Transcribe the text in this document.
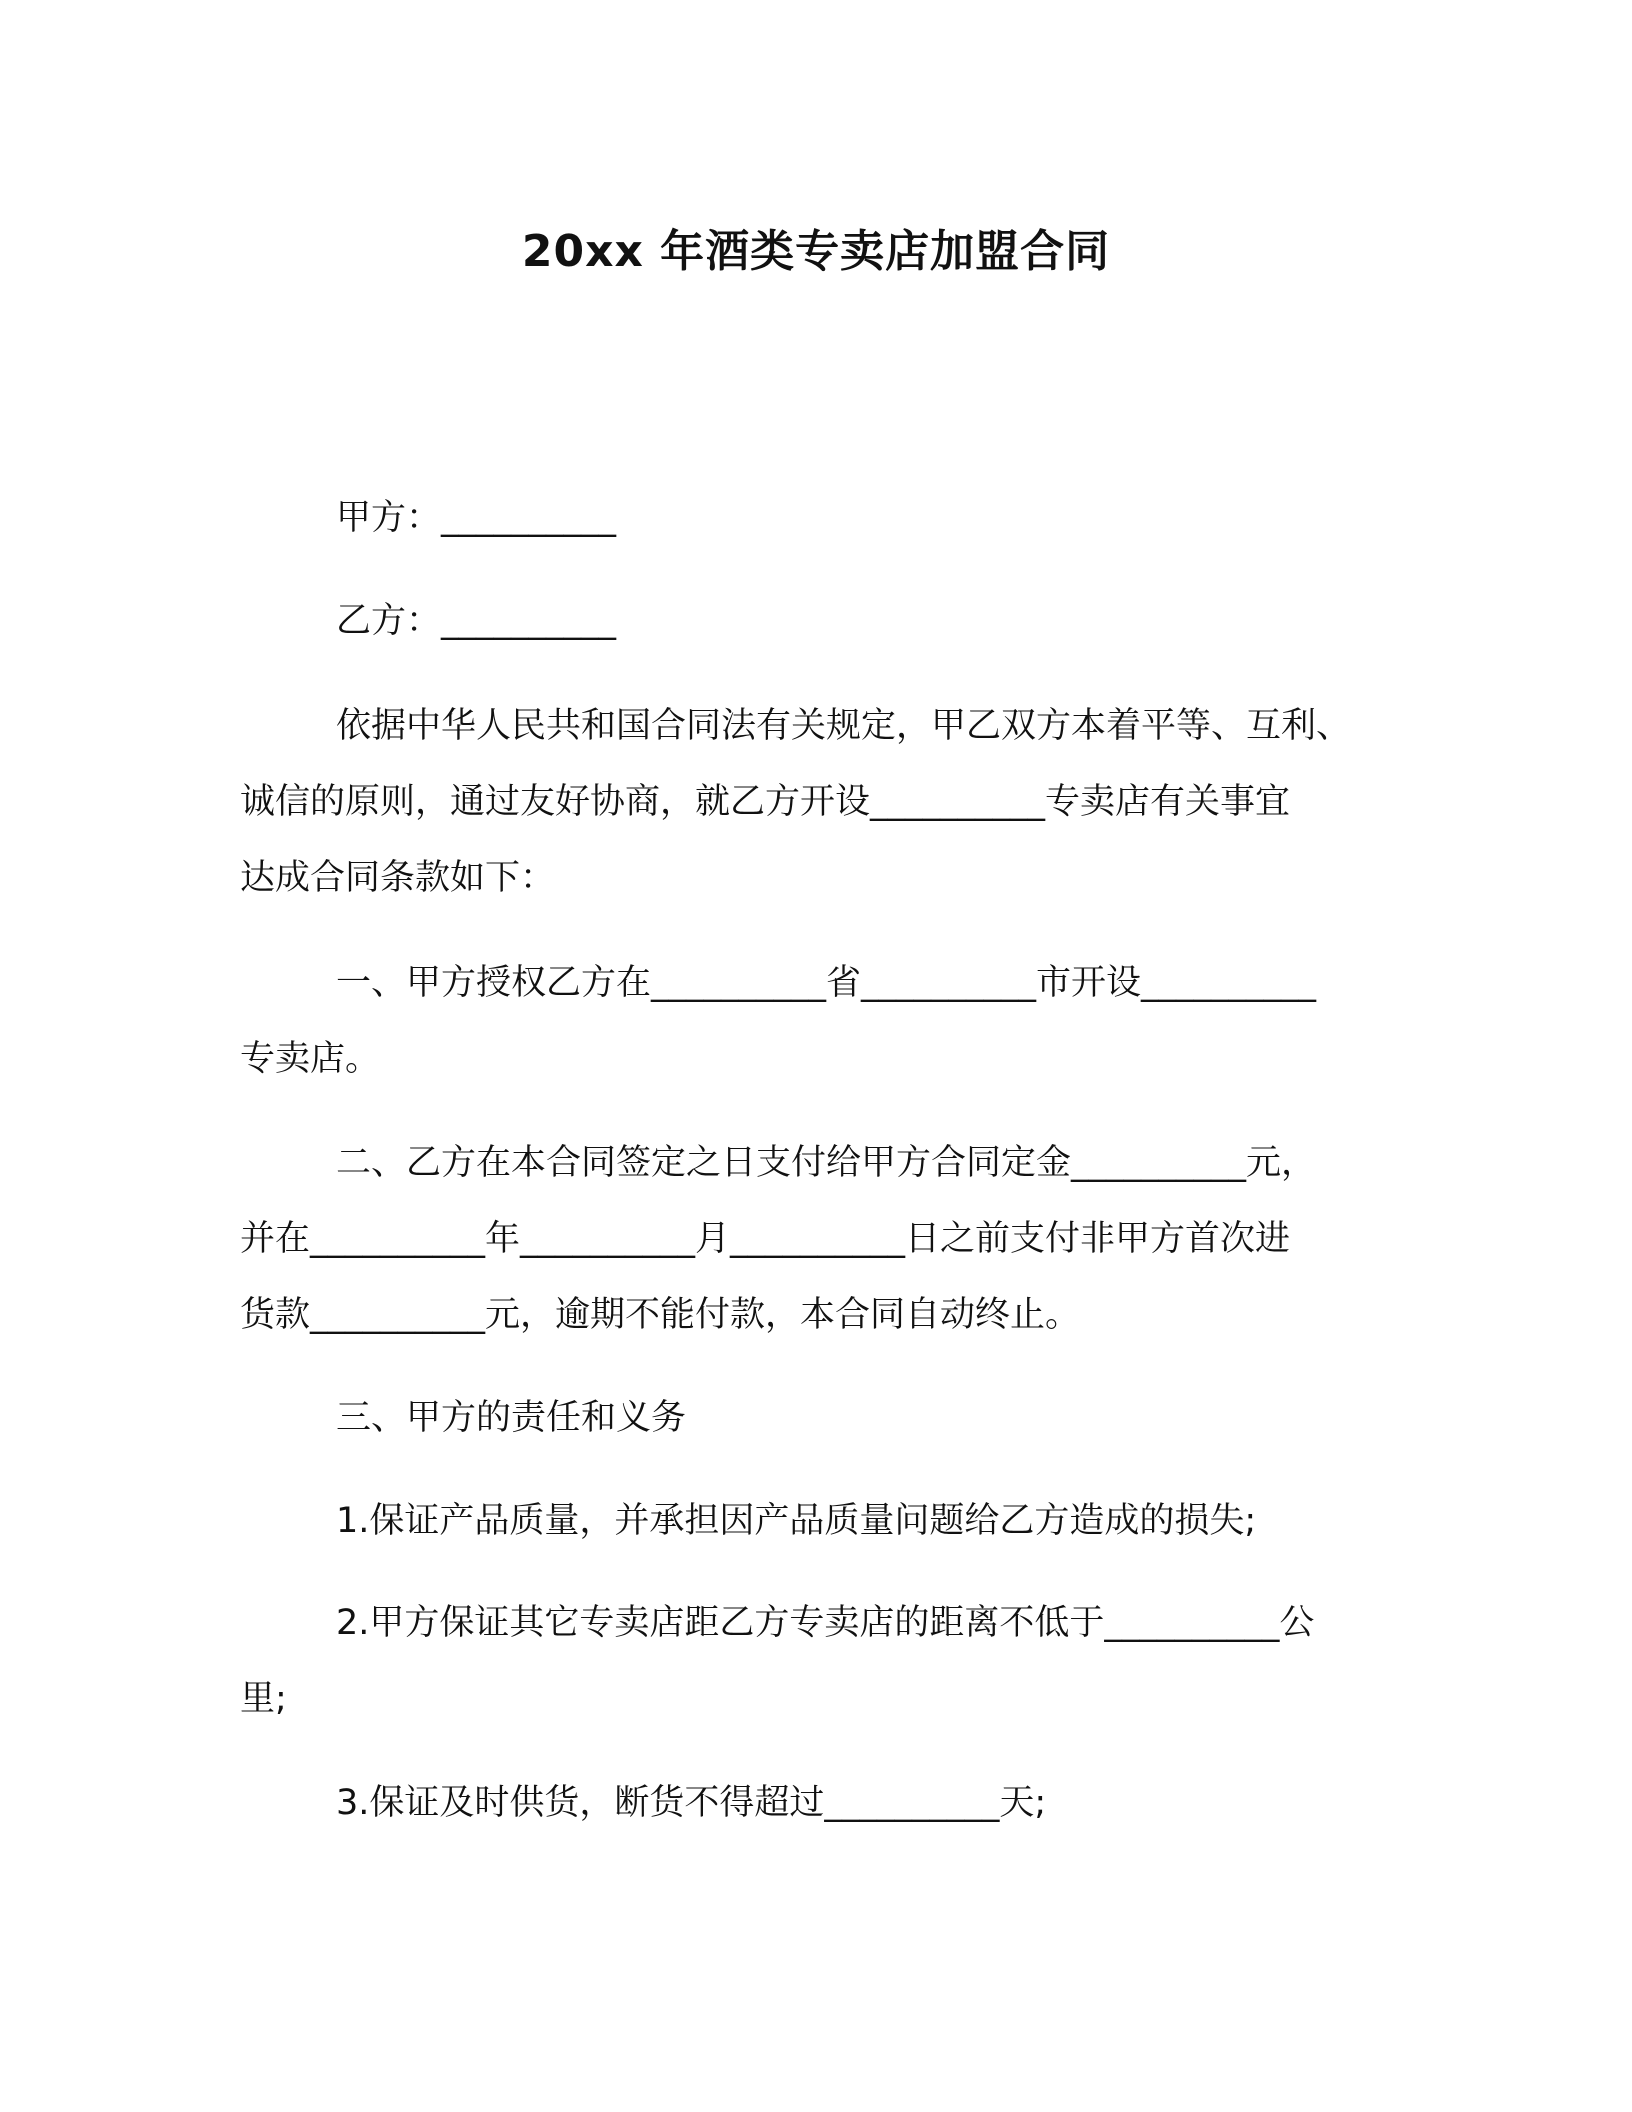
20xx 年酒类专卖店加盟合同
甲方：__________
乙方：__________
依据中华人民共和国合同法有关规定，甲乙双方本着平等、互利、
诚信的原则，通过友好协商，就乙方开设__________专卖店有关事宜
达成合同条款如下：
一、甲方授权乙方在__________省__________市开设__________
专卖店。
二、乙方在本合同签定之日支付给甲方合同定金__________元，
并在__________年__________月__________日之前支付非甲方首次进
货款__________元，逾期不能付款，本合同自动终止。
三、甲方的责任和义务
1.保证产品质量，并承担因产品质量问题给乙方造成的损失;
2.甲方保证其它专卖店距乙方专卖店的距离不低于__________公
里;
3.保证及时供货，断货不得超过__________天;
